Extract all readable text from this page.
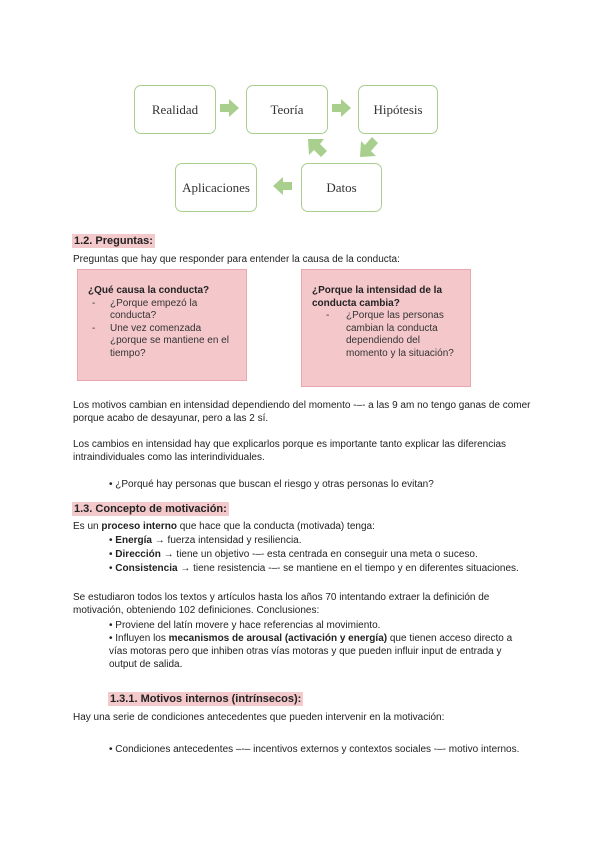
Realidad	Teoría	Hipótesis
Aplicaciones	Datos
1.2. Preguntas:
Preguntas que hay que responder para entender la causa de la conducta:
¿Qué causa la conducta?
- ¿Porque empezó la conducta?
- Une vez comenzada ¿porque se mantiene en el tiempo?
¿Porque la intensidad de la
conducta cambia?
- ¿Porque las personas cambian la conducta dependiendo del momento y la situación?
Los motivos cambian en intensidad dependiendo del momento -–- a las 9 am no tengo ganas de comer porque acabo de desayunar, pero a las 2 sí.
Los cambios en intensidad hay que explicarlos porque es importante tanto explicar las diferencias intraindividuales como las interindividuales.
• ¿Porqué hay personas que buscan el riesgo y otras personas lo evitan?
1.3. Concepto de motivación:
Es un proceso interno que hace que la conducta (motivada) tenga:
• Energía → fuerza intensidad y resiliencia.
• Dirección → tiene un objetivo -–- esta centrada en conseguir una meta o suceso.
• Consistencia → tiene resistencia -–- se mantiene en el tiempo y en diferentes situaciones.
Se estudiaron todos los textos y artículos hasta los años 70 intentando extraer la definición de motivación, obteniendo 102 definiciones. Conclusiones:
• Proviene del latín movere y hace referencias al movimiento.
• Influyen los mecanismos de arousal (activación y energía) que tienen acceso directo a vías motoras pero que inhiben otras vías motoras y que pueden influir input de entrada y output de salida.
1.3.1. Motivos internos (intrínsecos):
Hay una serie de condiciones antecedentes que pueden intervenir en la motivación:
• Condiciones antecedentes –-– incentivos externos y contextos sociales -–- motivo internos.
